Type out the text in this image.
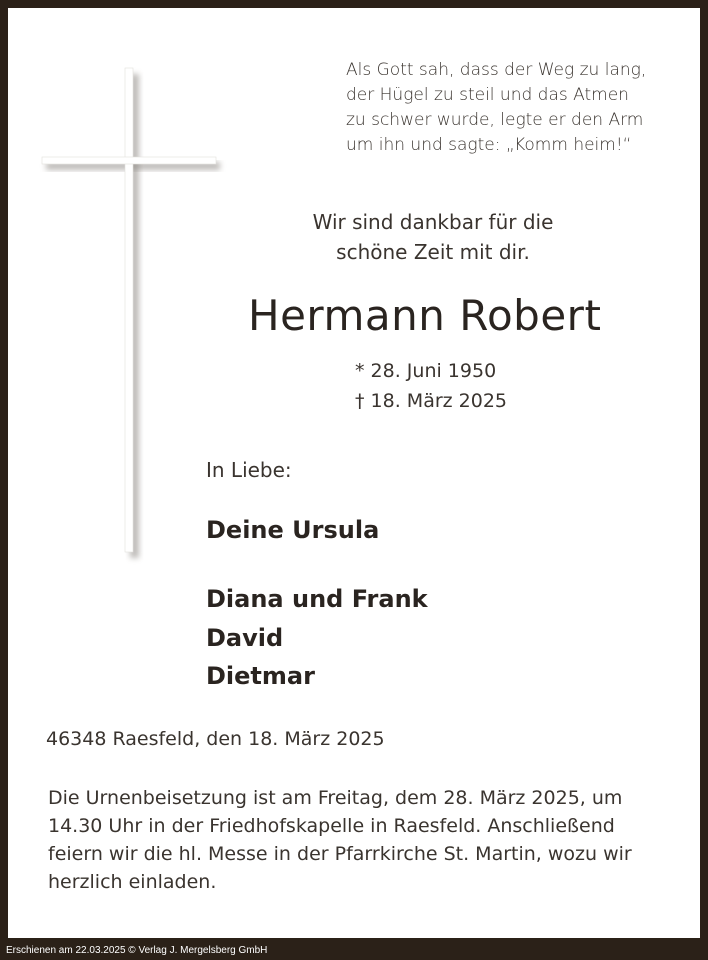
Als Gott sah, dass der Weg zu lang,
der Hügel zu steil und das Atmen
zu schwer wurde, legte er den Arm
um ihn und sagte: „Komm heim!“
Wir sind dankbar für die
schöne Zeit mit dir.
Hermann Robert
* 28. Juni 1950
† 18. März 2025
In Liebe:
Deine Ursula
Diana und Frank
David
Dietmar
46348 Raesfeld, den 18. März 2025
Die Urnenbeisetzung ist am Freitag, dem 28. März 2025, um
14.30 Uhr in der Friedhofskapelle in Raesfeld. Anschließend
feiern wir die hl. Messe in der Pfarrkirche St. Martin, wozu wir
herzlich einladen.
Erschienen am 22.03.2025 © Verlag J. Mergelsberg GmbH
